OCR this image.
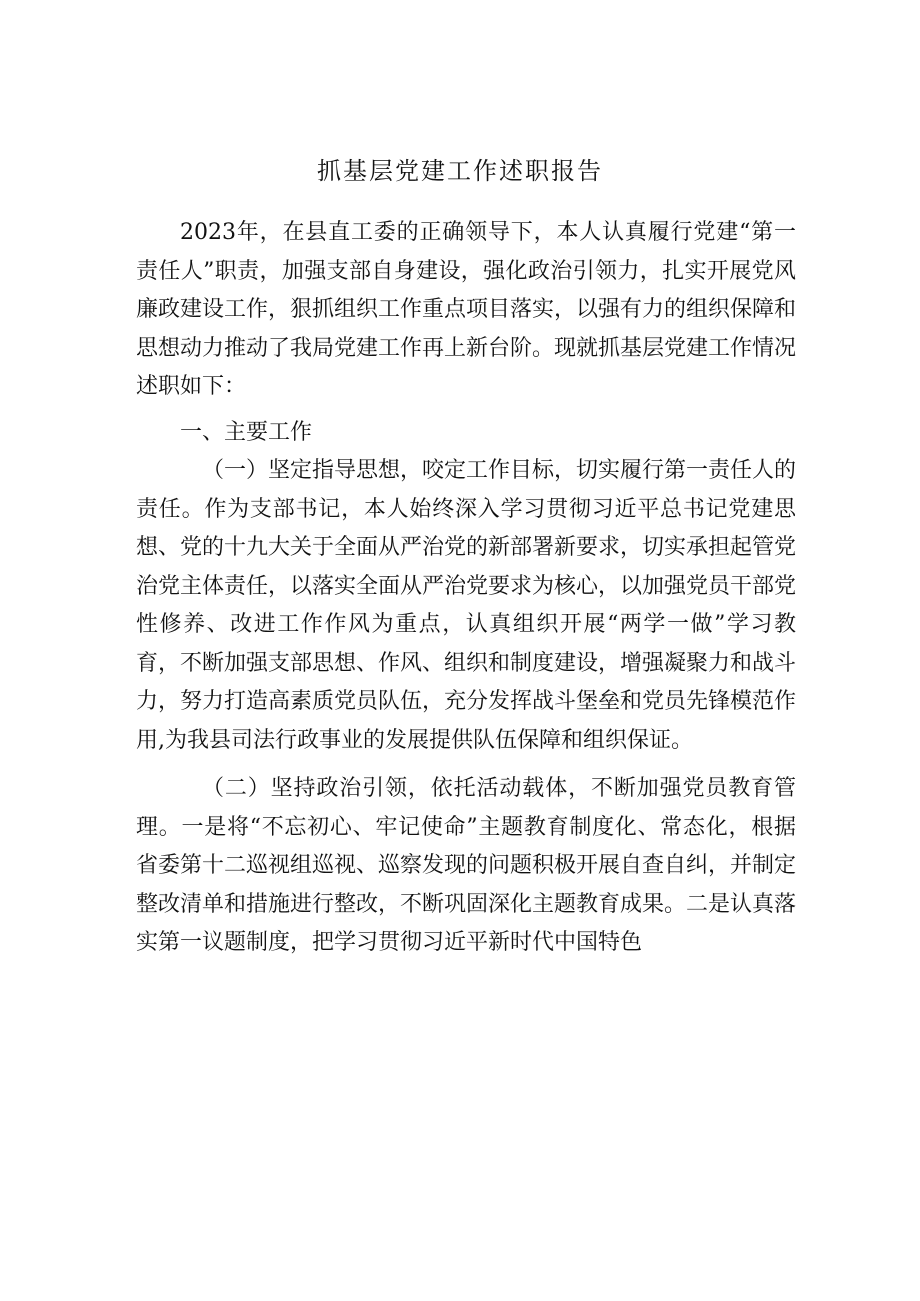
抓基层党建工作述职报告

2023年，在县直工委的正确领导下，本人认真履行党建“第一责任人”职责，加强支部自身建设，强化政治引领力，扎实开展党风廉政建设工作，狠抓组织工作重点项目落实，以强有力的组织保障和思想动力推动了我局党建工作再上新台阶。现就抓基层党建工作情况述职如下：

一、主要工作

（一）坚定指导思想，咬定工作目标，切实履行第一责任人的责任。作为支部书记，本人始终深入学习贯彻习近平总书记党建思想、党的十九大关于全面从严治党的新部署新要求，切实承担起管党治党主体责任，以落实全面从严治党要求为核心，以加强党员干部党性修养、改进工作作风为重点，认真组织开展“两学一做”学习教育，不断加强支部思想、作风、组织和制度建设，增强凝聚力和战斗力，努力打造高素质党员队伍，充分发挥战斗堡垒和党员先锋模范作用,为我县司法行政事业的发展提供队伍保障和组织保证。

（二）坚持政治引领，依托活动载体，不断加强党员教育管理。一是将“不忘初心、牢记使命”主题教育制度化、常态化，根据省委第十二巡视组巡视、巡察发现的问题积极开展自查自纠，并制定整改清单和措施进行整改，不断巩固深化主题教育成果。二是认真落实第一议题制度，把学习贯彻习近平新时代中国特色
